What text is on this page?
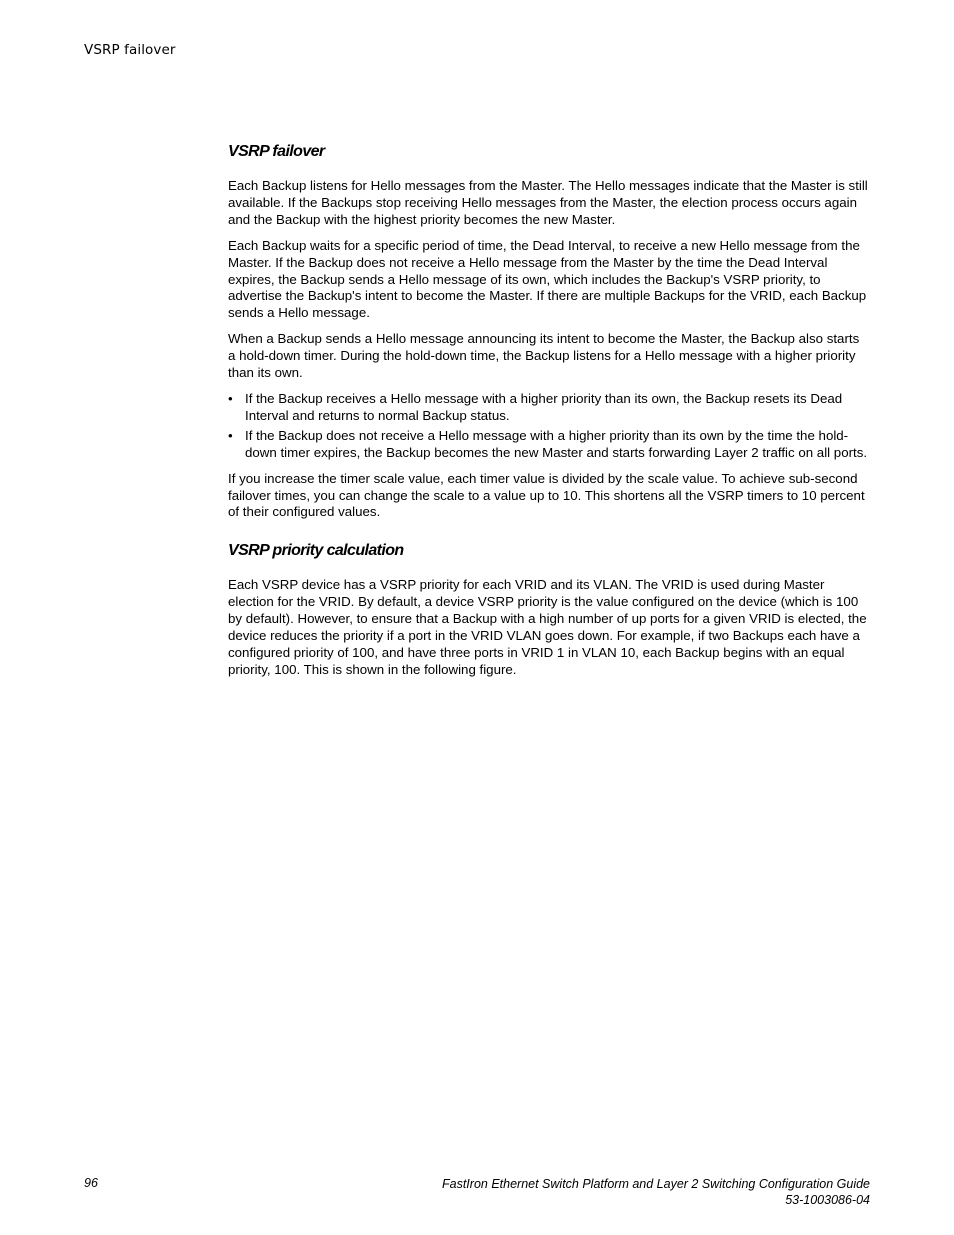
VSRP failover
VSRP failover

Each Backup listens for Hello messages from the Master. The Hello messages indicate that the Master is still available. If the Backups stop receiving Hello messages from the Master, the election process occurs again and the Backup with the highest priority becomes the new Master.

Each Backup waits for a specific period of time, the Dead Interval, to receive a new Hello message from the Master. If the Backup does not receive a Hello message from the Master by the time the Dead Interval expires, the Backup sends a Hello message of its own, which includes the Backup's VSRP priority, to advertise the Backup's intent to become the Master. If there are multiple Backups for the VRID, each Backup sends a Hello message.

When a Backup sends a Hello message announcing its intent to become the Master, the Backup also starts a hold-down timer. During the hold-down time, the Backup listens for a Hello message with a higher priority than its own.

• If the Backup receives a Hello message with a higher priority than its own, the Backup resets its Dead Interval and returns to normal Backup status.
• If the Backup does not receive a Hello message with a higher priority than its own by the time the hold-down timer expires, the Backup becomes the new Master and starts forwarding Layer 2 traffic on all ports.

If you increase the timer scale value, each timer value is divided by the scale value. To achieve sub-second failover times, you can change the scale to a value up to 10. This shortens all the VSRP timers to 10 percent of their configured values.

VSRP priority calculation

Each VSRP device has a VSRP priority for each VRID and its VLAN. The VRID is used during Master election for the VRID. By default, a device VSRP priority is the value configured on the device (which is 100 by default). However, to ensure that a Backup with a high number of up ports for a given VRID is elected, the device reduces the priority if a port in the VRID VLAN goes down. For example, if two Backups each have a configured priority of 100, and have three ports in VRID 1 in VLAN 10, each Backup begins with an equal priority, 100. This is shown in the following figure.

96	FastIron Ethernet Switch Platform and Layer 2 Switching Configuration Guide
53-1003086-04
